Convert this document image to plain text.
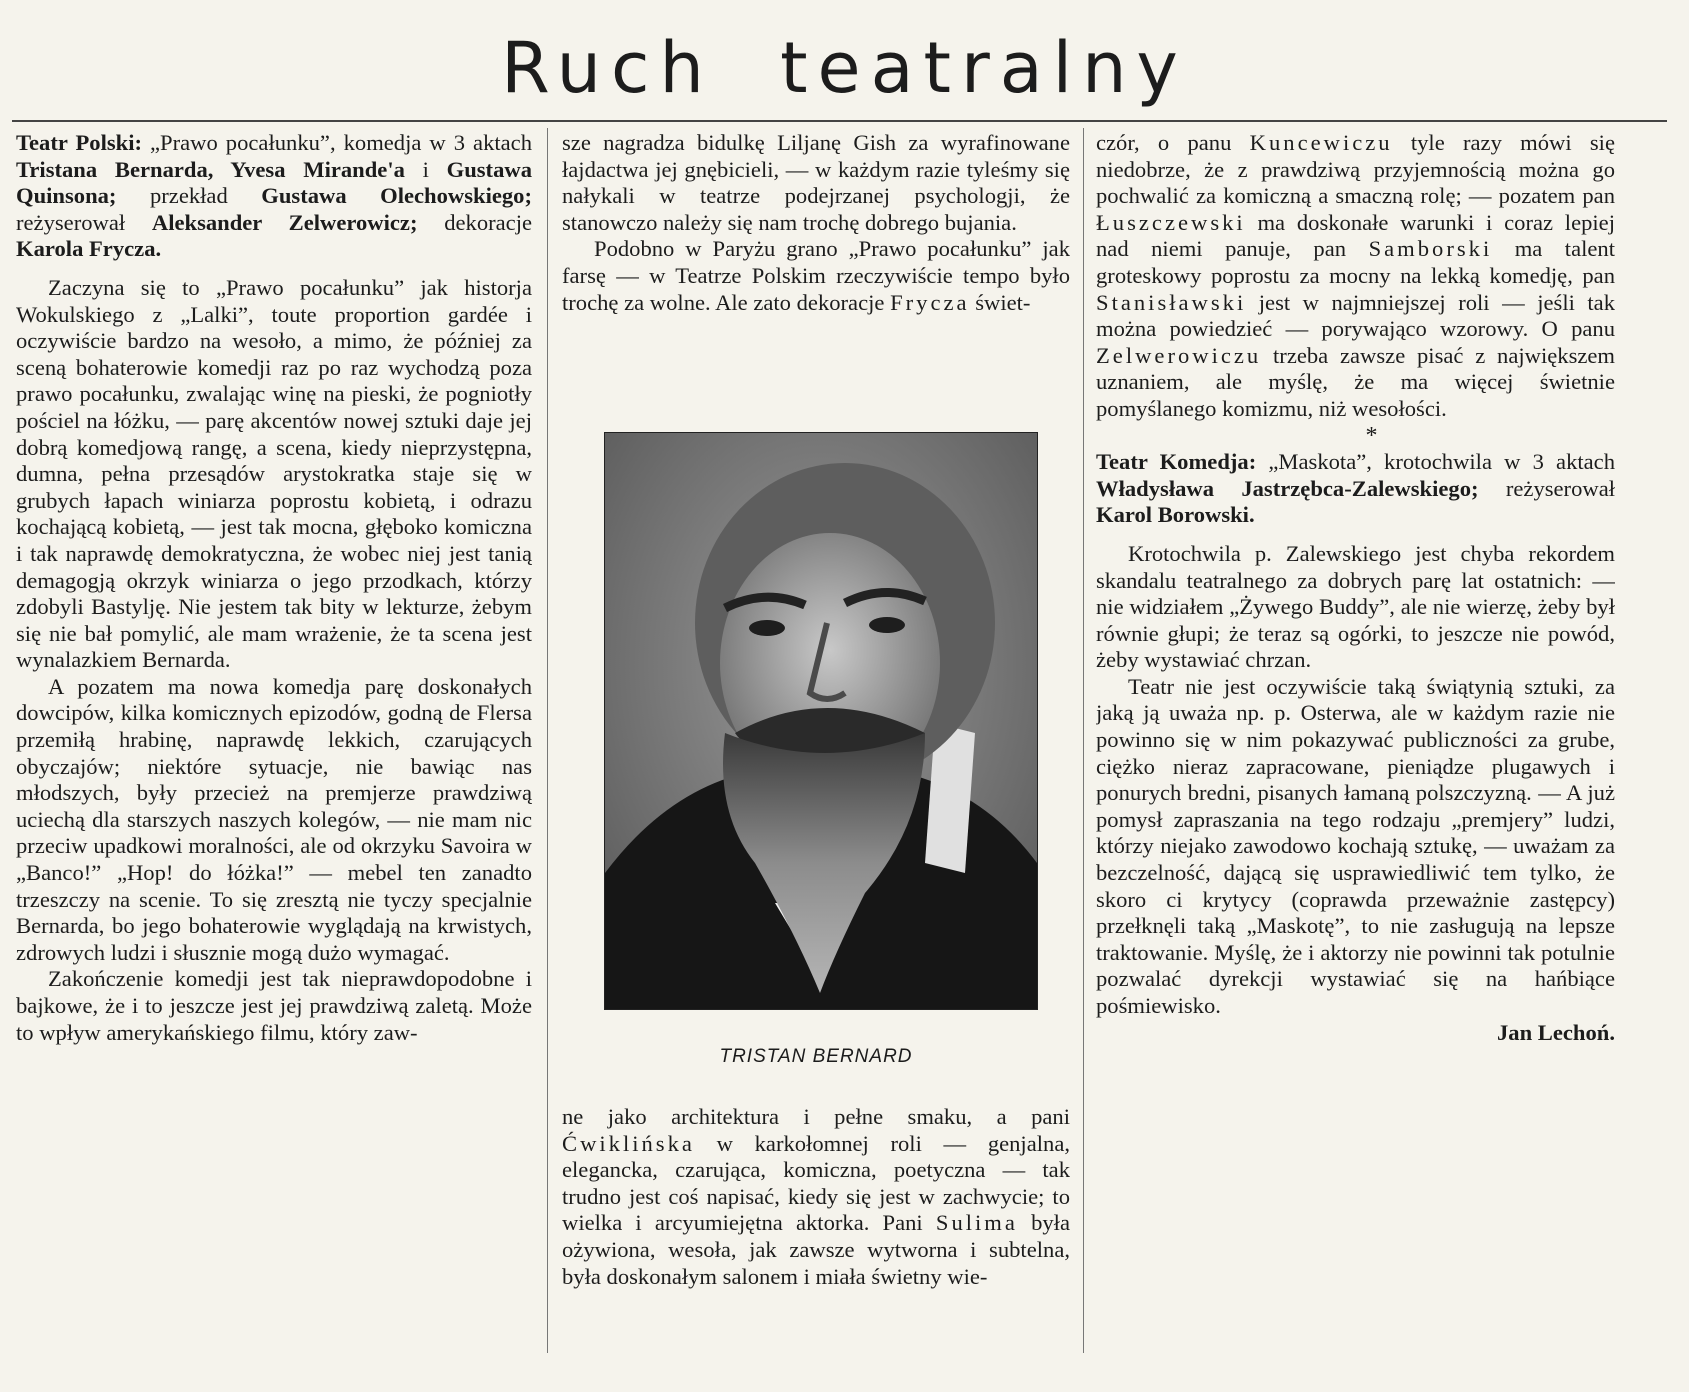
Ruch teatralny

Teatr Polski: „Prawo pocałunku”, komedja w 3 aktach Tristana Bernarda, Yvesa Mirande'a i Gustawa Quinsona; przekład Gustawa Olechowskiego; reżyserował Aleksander Zelwerowicz; dekoracje Karola Frycza.

Zaczyna się to „Prawo pocałunku” jak historja Wokulskiego z „Lalki”, toute proportion gardée i oczywiście bardzo na wesoło, a mimo, że później za sceną bohaterowie komedji raz po raz wychodzą poza prawo pocałunku, zwalając winę na pieski, że pogniotły pościel na łóżku, — parę akcentów nowej sztuki daje jej dobrą komedjową rangę, a scena, kiedy nieprzystępna, dumna, pełna przesądów arystokratka staje się w grubych łapach winiarza poprostu kobietą, i odrazu kochającą kobietą, — jest tak mocna, głęboko komiczna i tak naprawdę demokratyczna, że wobec niej jest tanią demagogją okrzyk winiarza o jego przodkach, którzy zdobyli Bastylję. Nie jestem tak bity w lekturze, żebym się nie bał pomylić, ale mam wrażenie, że ta scena jest wynalazkiem Bernarda.

A pozatem ma nowa komedja parę doskonałych dowcipów, kilka komicznych epizodów, godną de Flersa przemiłą hrabinę, naprawdę lekkich, czarujących obyczajów; niektóre sytuacje, nie bawiąc nas młodszych, były przecież na premjerze prawdziwą uciechą dla starszych naszych kolegów, — nie mam nic przeciw upadkowi moralności, ale od okrzyku Savoira w „Banco!” „Hop! do łóżka!” — mebel ten zanadto trzeszczy na scenie. To się zresztą nie tyczy specjalnie Bernarda, bo jego bohaterowie wyglądają na krwistych, zdrowych ludzi i słusznie mogą dużo wymagać.

Zakończenie komedji jest tak nieprawdopodobne i bajkowe, że i to jeszcze jest jej prawdziwą zaletą. Może to wpływ amerykańskiego filmu, który zaw-

sze nagradza bidulkę Liljanę Gish za wyrafinowane łajdactwa jej gnębicieli, — w każdym razie tyleśmy się nałykali w teatrze podejrzanej psychologji, że stanowczo należy się nam trochę dobrego bujania.

Podobno w Paryżu grano „Prawo pocałunku” jak farsę — w Teatrze Polskim rzeczywiście tempo było trochę za wolne. Ale zato dekoracje Frycza świet-

TRISTAN BERNARD

ne jako architektura i pełne smaku, a pani Ćwiklińska w karkołomnej roli — genjalna, elegancka, czarująca, komiczna, poetyczna — tak trudno jest coś napisać, kiedy się jest w zachwycie; to wielka i arcyumiejętna aktorka. Pani Sulima była ożywiona, wesoła, jak zawsze wytworna i subtelna, była doskonałym salonem i miała świetny wie-

czór, o panu Kuncewiczu tyle razy mówi się niedobrze, że z prawdziwą przyjemnością można go pochwalić za komiczną a smaczną rolę; — pozatem pan Łuszczewski ma doskonałe warunki i coraz lepiej nad niemi panuje, pan Samborski ma talent groteskowy poprostu za mocny na lekką komedję, pan Stanisławski jest w najmniejszej roli — jeśli tak można powiedzieć — porywająco wzorowy. O panu Zelwerowiczu trzeba zawsze pisać z największem uznaniem, ale myślę, że ma więcej świetnie pomyślanego komizmu, niż wesołości.

*

Teatr Komedja: „Maskota”, krotochwila w 3 aktach Władysława Jastrzębca-Zalewskiego; reżyserował Karol Borowski.

Krotochwila p. Zalewskiego jest chyba rekordem skandalu teatralnego za dobrych parę lat ostatnich: — nie widziałem „Żywego Buddy”, ale nie wierzę, żeby był równie głupi; że teraz są ogórki, to jeszcze nie powód, żeby wystawiać chrzan.

Teatr nie jest oczywiście taką świątynią sztuki, za jaką ją uważa np. p. Osterwa, ale w każdym razie nie powinno się w nim pokazywać publiczności za grube, ciężko nieraz zapracowane, pieniądze plugawych i ponurych bredni, pisanych łamaną polszczyzną. — A już pomysł zapraszania na tego rodzaju „premjery” ludzi, którzy niejako zawodowo kochają sztukę, — uważam za bezczelność, dającą się usprawiedliwić tem tylko, że skoro ci krytycy (coprawda przeważnie zastępcy) przełknęli taką „Maskotę”, to nie zasługują na lepsze traktowanie. Myślę, że i aktorzy nie powinni tak potulnie pozwalać dyrekcji wystawiać się na hańbiące pośmiewisko.

Jan Lechoń.
